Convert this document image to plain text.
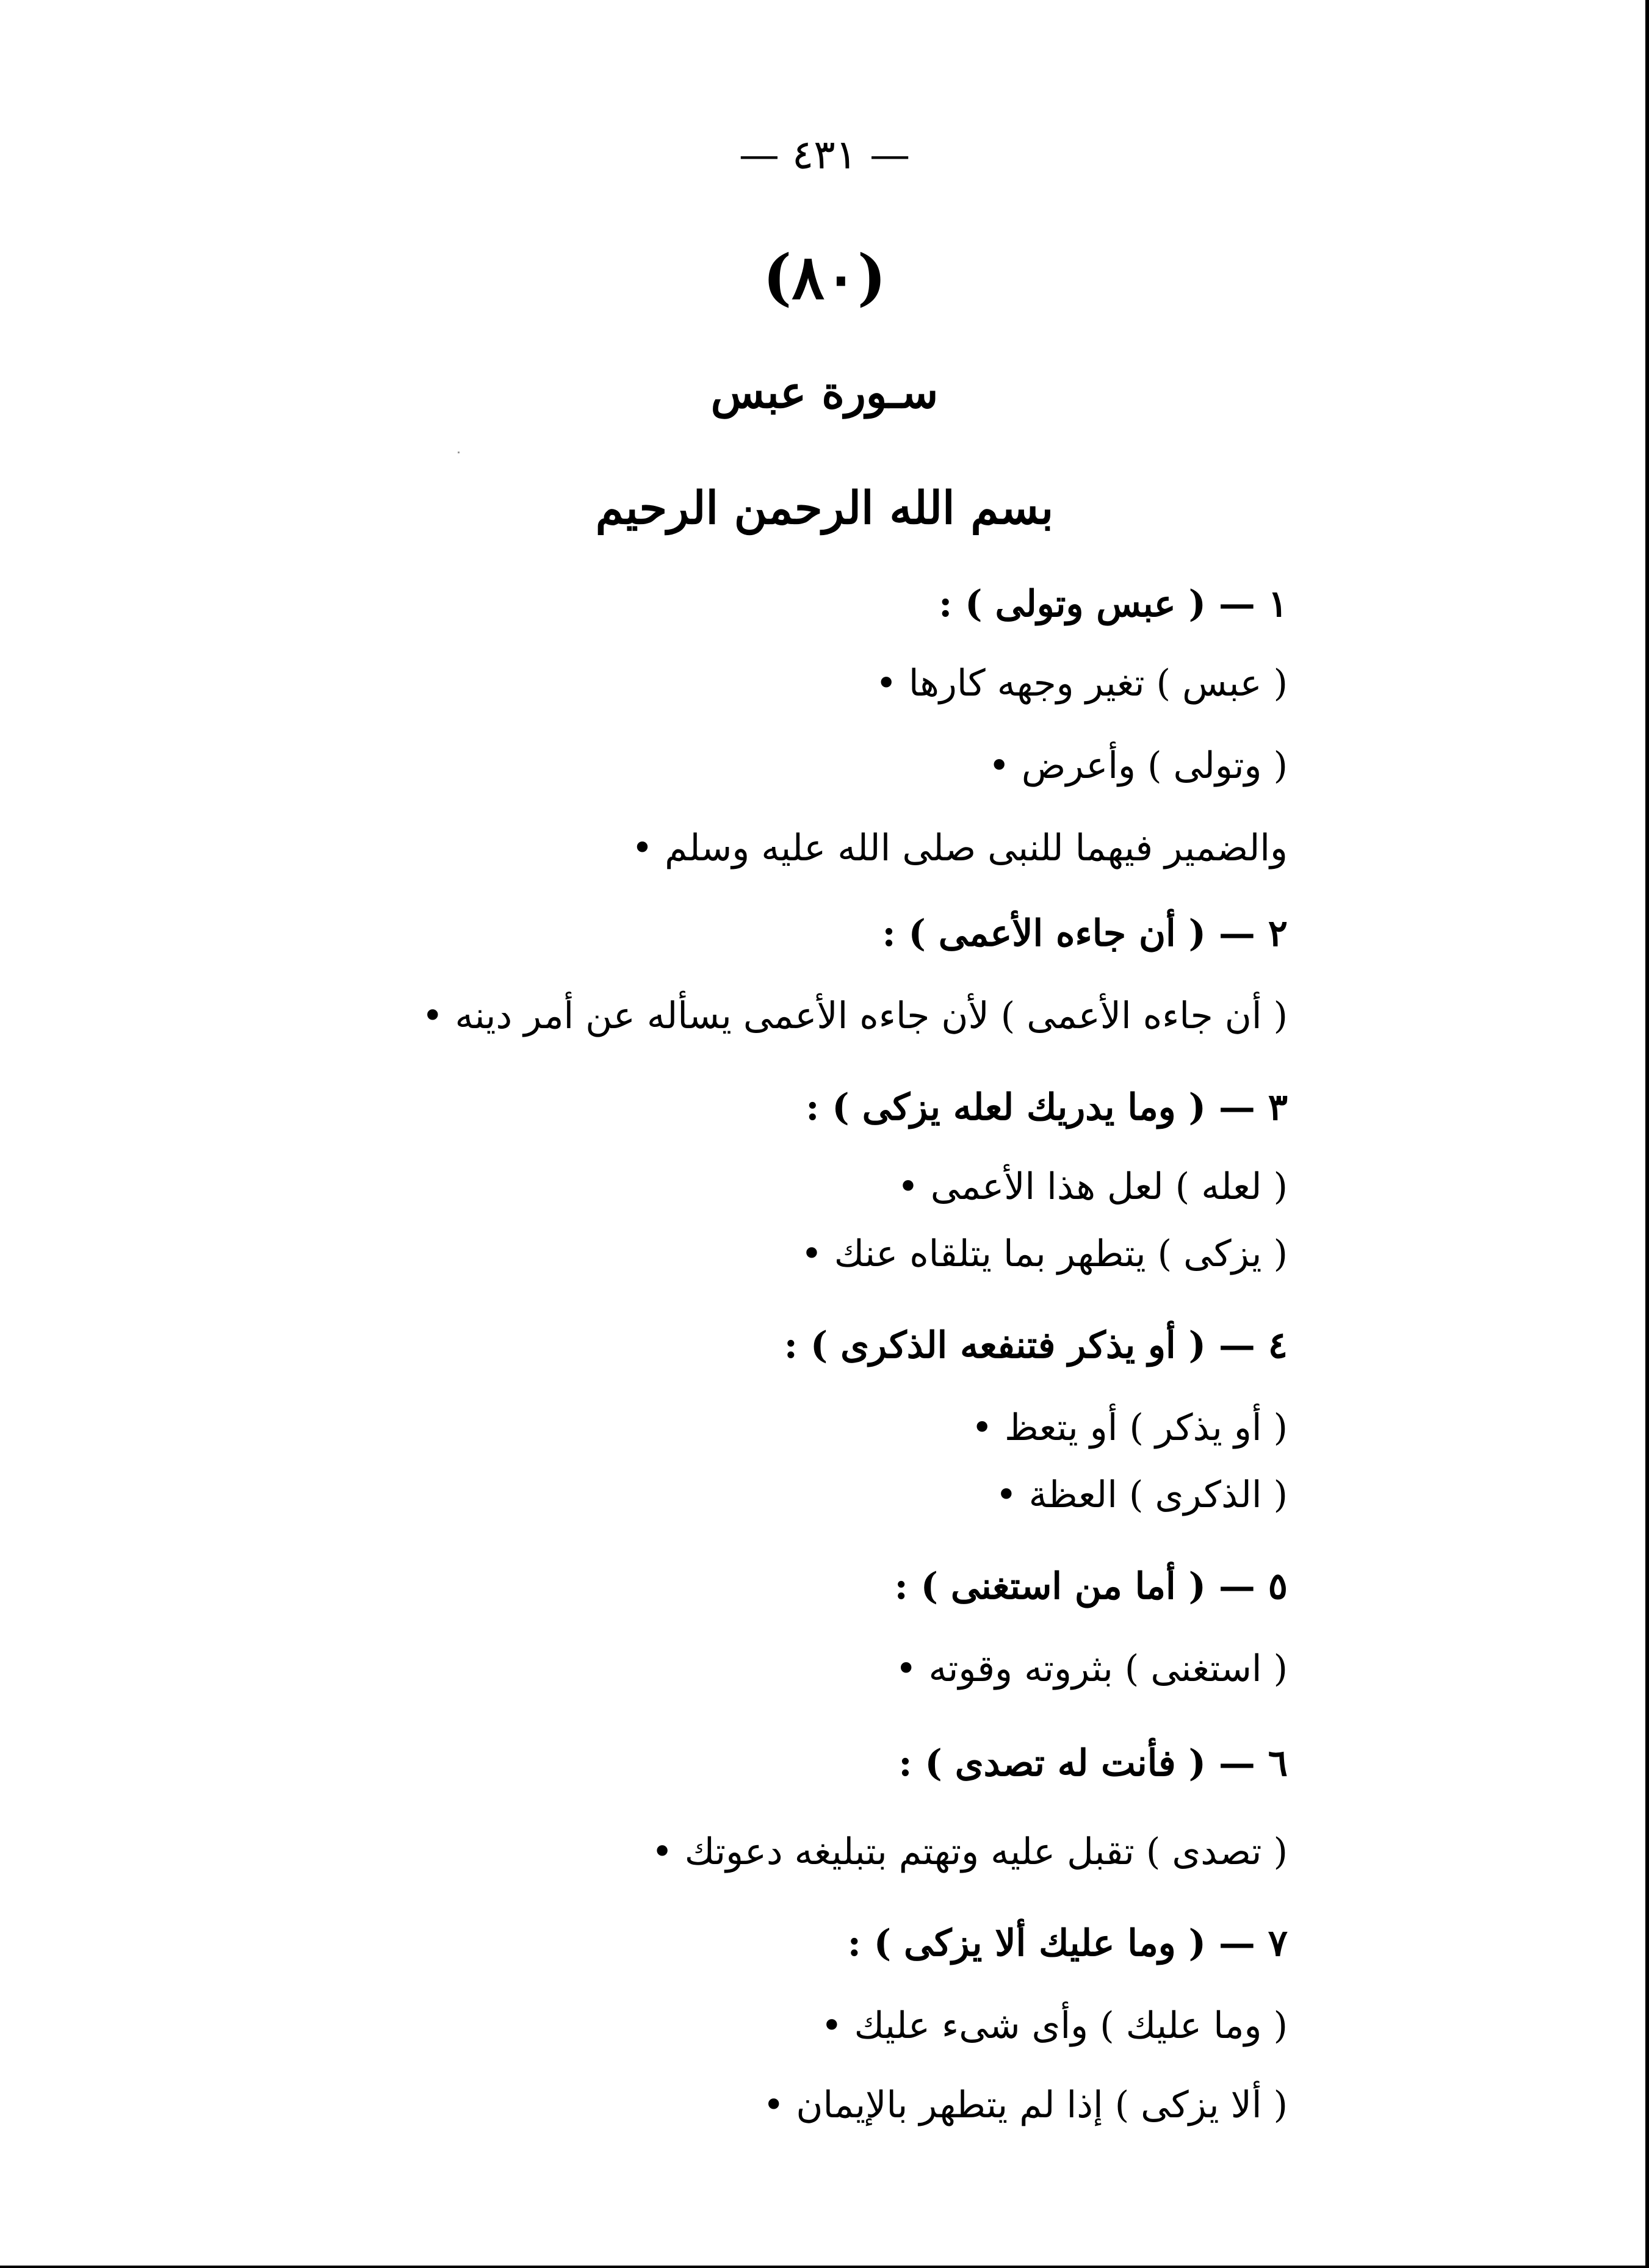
— ٤٣١ —
(٨٠)
سـورة عبس
بسم الله الرحمن الرحيم
١ — ( عبس وتولى ) :
( عبس ) تغير وجهه كارها •
( وتولى ) وأعرض •
والضمير فيهما للنبى صلى الله عليه وسلم •
٢ — ( أن جاءه الأعمى ) :
( أن جاءه الأعمى ) لأن جاءه الأعمى يسأله عن أمر دينه •
٣ — ( وما يدريك لعله يزكى ) :
( لعله ) لعل هذا الأعمى •
( يزكى ) يتطهر بما يتلقاه عنك •
٤ — ( أو يذكر فتنفعه الذكرى ) :
( أو يذكر ) أو يتعظ •
( الذكرى ) العظة •
٥ — ( أما من استغنى ) :
( استغنى ) بثروته وقوته •
٦ — ( فأنت له تصدى ) :
( تصدى ) تقبل عليه وتهتم بتبليغه دعوتك •
٧ — ( وما عليك ألا يزكى ) :
( وما عليك ) وأى شىء عليك •
( ألا يزكى ) إذا لم يتطهر بالإيمان •
